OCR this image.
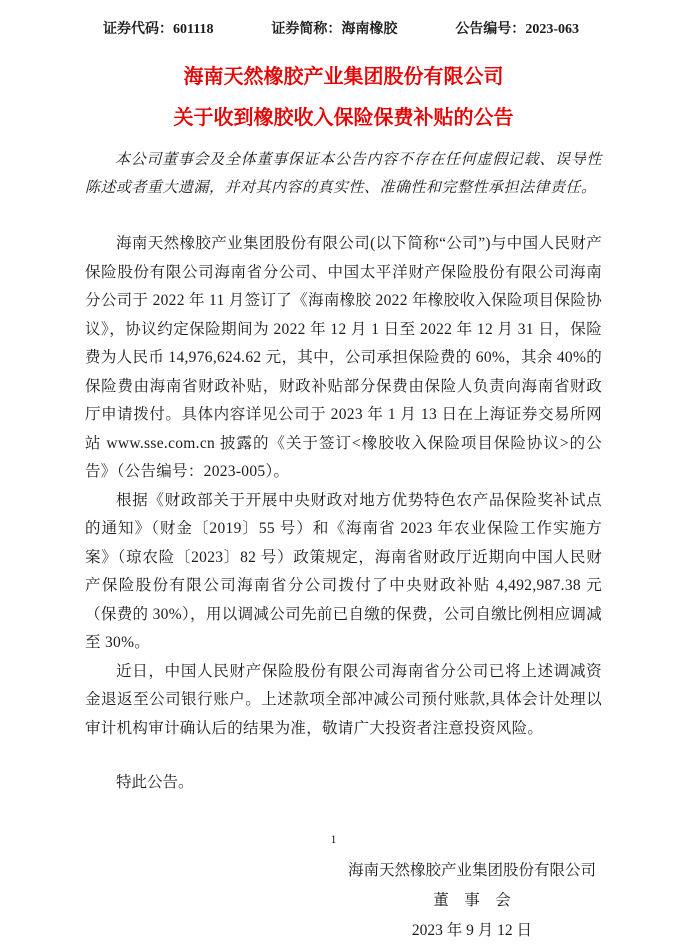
证券代码：601118	证券简称：海南橡胶	公告编号：2023-063
海南天然橡胶产业集团股份有限公司
关于收到橡胶收入保险保费补贴的公告
本公司董事会及全体董事保证本公告内容不存在任何虚假记载、误导性陈述或者重大遗漏，并对其内容的真实性、准确性和完整性承担法律责任。

海南天然橡胶产业集团股份有限公司(以下简称“公司”)与中国人民财产保险股份有限公司海南省分公司、中国太平洋财产保险股份有限公司海南分公司于 2022 年 11 月签订了《海南橡胶 2022 年橡胶收入保险项目保险协议》，协议约定保险期间为 2022 年 12 月 1 日至 2022 年 12 月 31 日，保险费为人民币 14,976,624.62 元，其中，公司承担保险费的 60%，其余 40%的保险费由海南省财政补贴，财政补贴部分保费由保险人负责向海南省财政厅申请拨付。具体内容详见公司于 2023 年 1 月 13 日在上海证券交易所网站 www.sse.com.cn 披露的《关于签订<橡胶收入保险项目保险协议>的公告》（公告编号：2023-005）。

根据《财政部关于开展中央财政对地方优势特色农产品保险奖补试点的通知》（财金〔2019〕55 号）和《海南省 2023 年农业保险工作实施方案》（琼农险〔2023〕82 号）政策规定，海南省财政厅近期向中国人民财产保险股份有限公司海南省分公司拨付了中央财政补贴 4,492,987.38 元（保费的 30%），用以调减公司先前已自缴的保费，公司自缴比例相应调减至 30%。

近日，中国人民财产保险股份有限公司海南省分公司已将上述调减资金退返至公司银行账户。上述款项全部冲减公司预付账款,具体会计处理以审计机构审计确认后的结果为准，敬请广大投资者注意投资风险。

特此公告。
海南天然橡胶产业集团股份有限公司
董　事　会
2023 年 9 月 12 日
1
